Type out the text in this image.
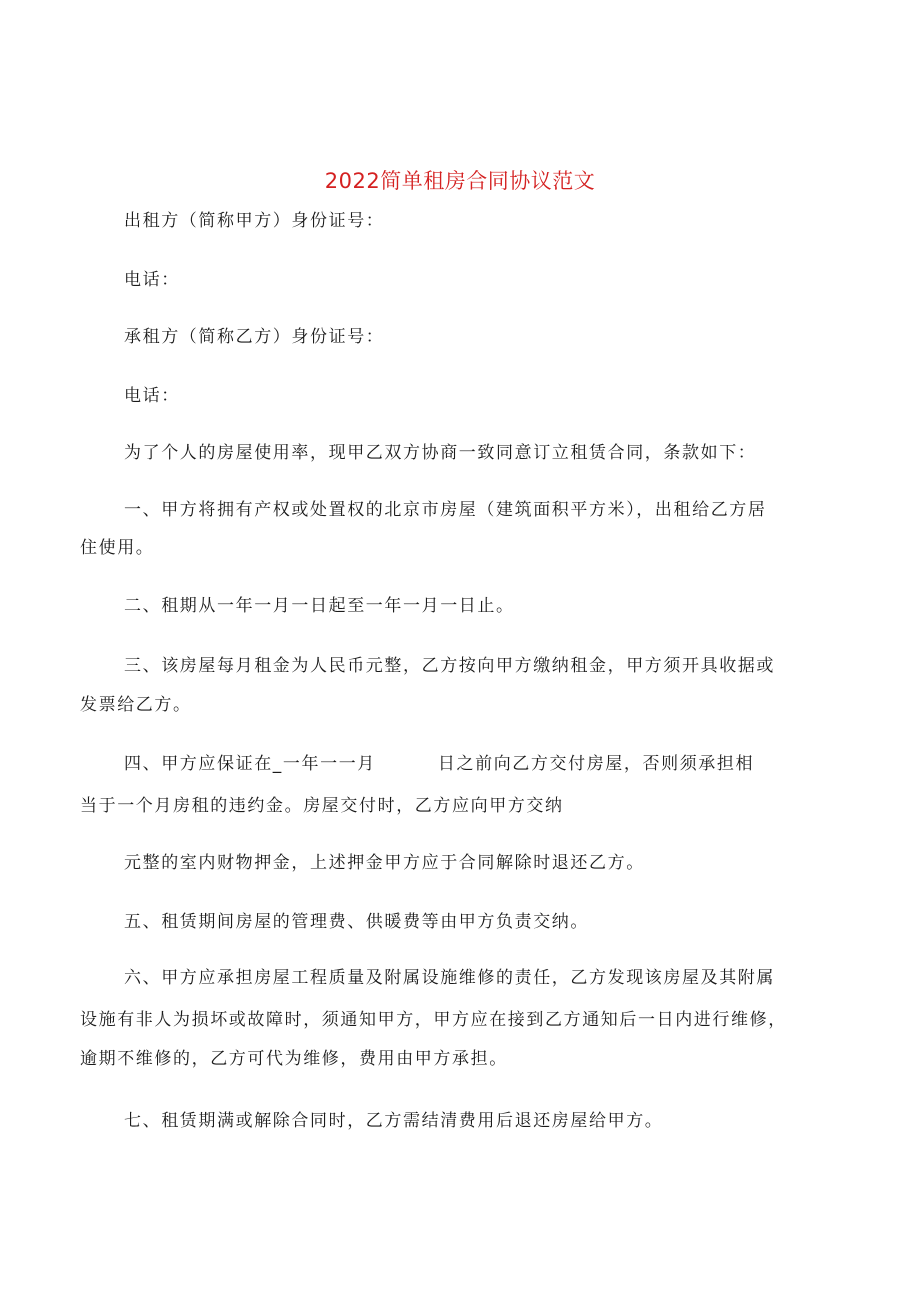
2022简单租房合同协议范文
出租方（简称甲方）身份证号：
电话：
承租方（简称乙方）身份证号：
电话：
为了个人的房屋使用率，现甲乙双方协商一致同意订立租赁合同，条款如下：
一、甲方将拥有产权或处置权的北京市房屋（建筑面积平方米），出租给乙方居
住使用。
二、租期从一年一月一日起至一年一月一日止。
三、该房屋每月租金为人民币元整，乙方按向甲方缴纳租金，甲方须开具收据或
发票给乙方。
四、甲方应保证在_一年一一月	日之前向乙方交付房屋，否则须承担相
当于一个月房租的违约金。房屋交付时，乙方应向甲方交纳
元整的室内财物押金，上述押金甲方应于合同解除时退还乙方。
五、租赁期间房屋的管理费、供暖费等由甲方负责交纳。
六、甲方应承担房屋工程质量及附属设施维修的责任，乙方发现该房屋及其附属
设施有非人为损坏或故障时，须通知甲方，甲方应在接到乙方通知后一日内进行维修，
逾期不维修的，乙方可代为维修，费用由甲方承担。
七、租赁期满或解除合同时，乙方需结清费用后退还房屋给甲方。
